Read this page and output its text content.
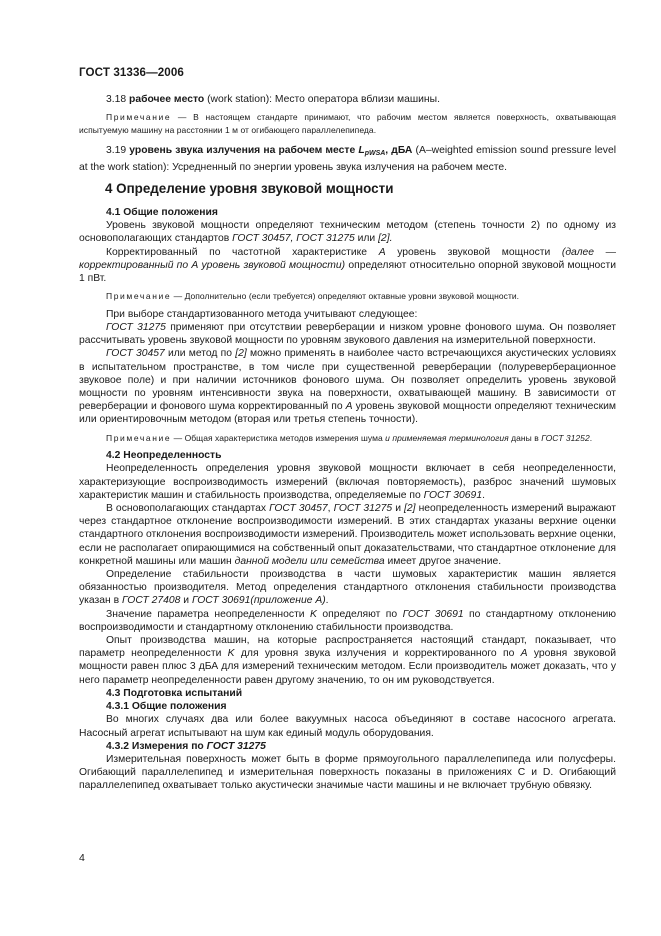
ГОСТ 31336—2006

3.18 рабочее место (work station): Место оператора вблизи машины.

Примечание — В настоящем стандарте принимают, что рабочим местом является поверхность, охватывающая испытуемую машину на расстоянии 1 м от огибающего параллелепипеда.

3.19 уровень звука излучения на рабочем месте $L_{pWSA}$, дБА (A–weighted emission sound pressure level at the work station): Усредненный по энергии уровень звука излучения на рабочем месте.

4 Определение уровня звуковой мощности
4.1 Общие положения

Уровень звуковой мощности определяют техническим методом (степень точности 2) по одному из основополагающих стандартов ГОСТ 30457, ГОСТ 31275 или [2].

Корректированный по частотной характеристике А уровень звуковой мощности (далее — корректированный по А уровень звуковой мощности) определяют относительно опорной звуковой мощности 1 пВт.

Примечание — Дополнительно (если требуется) определяют октавные уровни звуковой мощности.

При выборе стандартизованного метода учитывают следующее:

ГОСТ 31275 применяют при отсутствии реверберации и низком уровне фонового шума. Он позволяет рассчитывать уровень звуковой мощности по уровням звукового давления на измерительной поверхности.

ГОСТ 30457 или метод по [2] можно применять в наиболее часто встречающихся акустических условиях в испытательном пространстве, в том числе при существенной реверберации (полуреверберационное звуковое поле) и при наличии источников фонового шума. Он позволяет определить уровень звуковой мощности по уровням интенсивности звука на поверхности, охватывающей машину. В зависимости от реверберации и фонового шума корректированный по А уровень звуковой мощности определяют техническим или ориентировочным методом (вторая или третья степень точности).

Примечание — Общая характеристика методов измерения шума и применяемая терминология даны в ГОСТ 31252.

4.2 Неопределенность

Неопределенность определения уровня звуковой мощности включает в себя неопределенности, характеризующие воспроизводимость измерений (включая повторяемость), разброс значений шумовых характеристик машин и стабильность производства, определяемые по ГОСТ 30691.

В основополагающих стандартах ГОСТ 30457, ГОСТ 31275 и [2] неопределенность измерений выражают через стандартное отклонение воспроизводимости измерений. В этих стандартах указаны верхние оценки стандартного отклонения воспроизводимости измерений. Производитель может использовать верхние оценки, если не располагает опирающимися на собственный опыт доказательствами, что стандартное отклонение для конкретной машины или машин данной модели или семейства имеет другое значение.

Определение стабильности производства в части шумовых характеристик машин является обязанностью производителя. Метод определения стандартного отклонения стабильности производства указан в ГОСТ 27408 и ГОСТ 30691(приложение А).

Значение параметра неопределенности K определяют по ГОСТ 30691 по стандартному отклонению воспроизводимости и стандартному отклонению стабильности производства.

Опыт производства машин, на которые распространяется настоящий стандарт, показывает, что параметр неопределенности K для уровня звука излучения и корректированного по А уровня звуковой мощности равен плюс 3 дБА для измерений техническим методом. Если производитель может доказать, что у него параметр неопределенности равен другому значению, то он им руководствуется.

4.3 Подготовка испытаний
4.3.1 Общие положения

Во многих случаях два или более вакуумных насоса объединяют в составе насосного агрегата. Насосный агрегат испытывают на шум как единый модуль оборудования.

4.3.2 Измерения по ГОСТ 31275

Измерительная поверхность может быть в форме прямоугольного параллелепипеда или полусферы. Огибающий параллелепипед и измерительная поверхность показаны в приложениях С и D. Огибающий параллелепипед охватывает только акустически значимые части машины и не включает трубную обвязку.

4
